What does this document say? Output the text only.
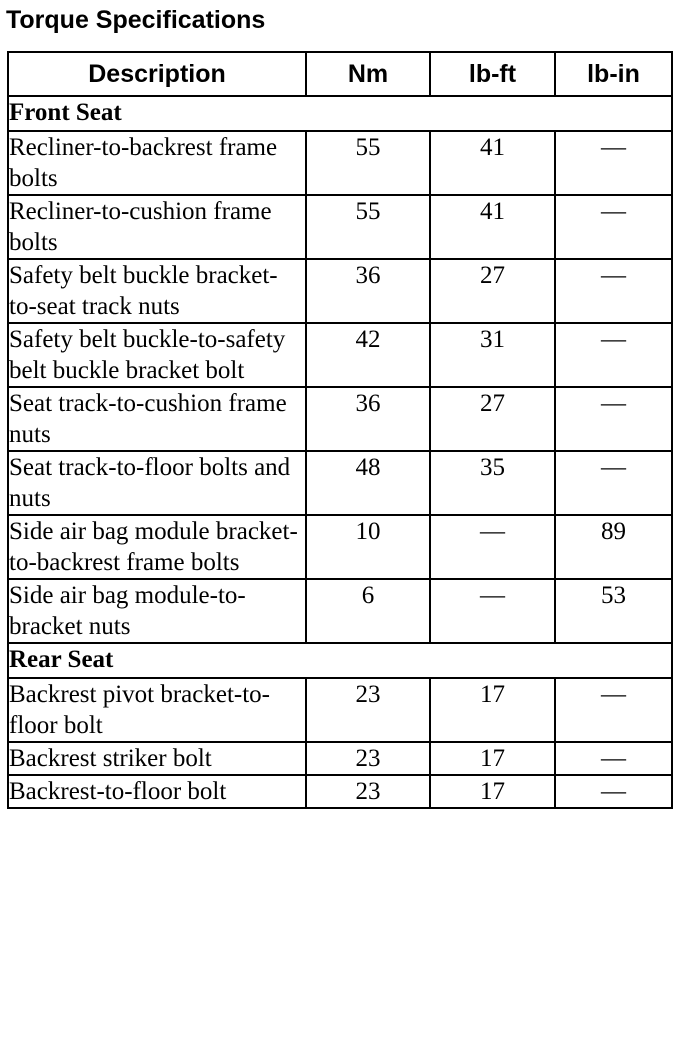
Torque Specifications
Description	Nm	lb-ft	lb-in
Front Seat			
Recliner-to-backrest frame bolts	55	41	—
Recliner-to-cushion frame bolts	55	41	—
Safety belt buckle bracket-to-seat track nuts	36	27	—
Safety belt buckle-to-safety belt buckle bracket bolt	42	31	—
Seat track-to-cushion frame nuts	36	27	—
Seat track-to-floor bolts and nuts	48	35	—
Side air bag module bracket-to-backrest frame bolts	10	—	89
Side air bag module-to-bracket nuts	6	—	53
Rear Seat			
Backrest pivot bracket-to-floor bolt	23	17	—
Backrest striker bolt	23	17	—
Backrest-to-floor bolt	23	17	—
